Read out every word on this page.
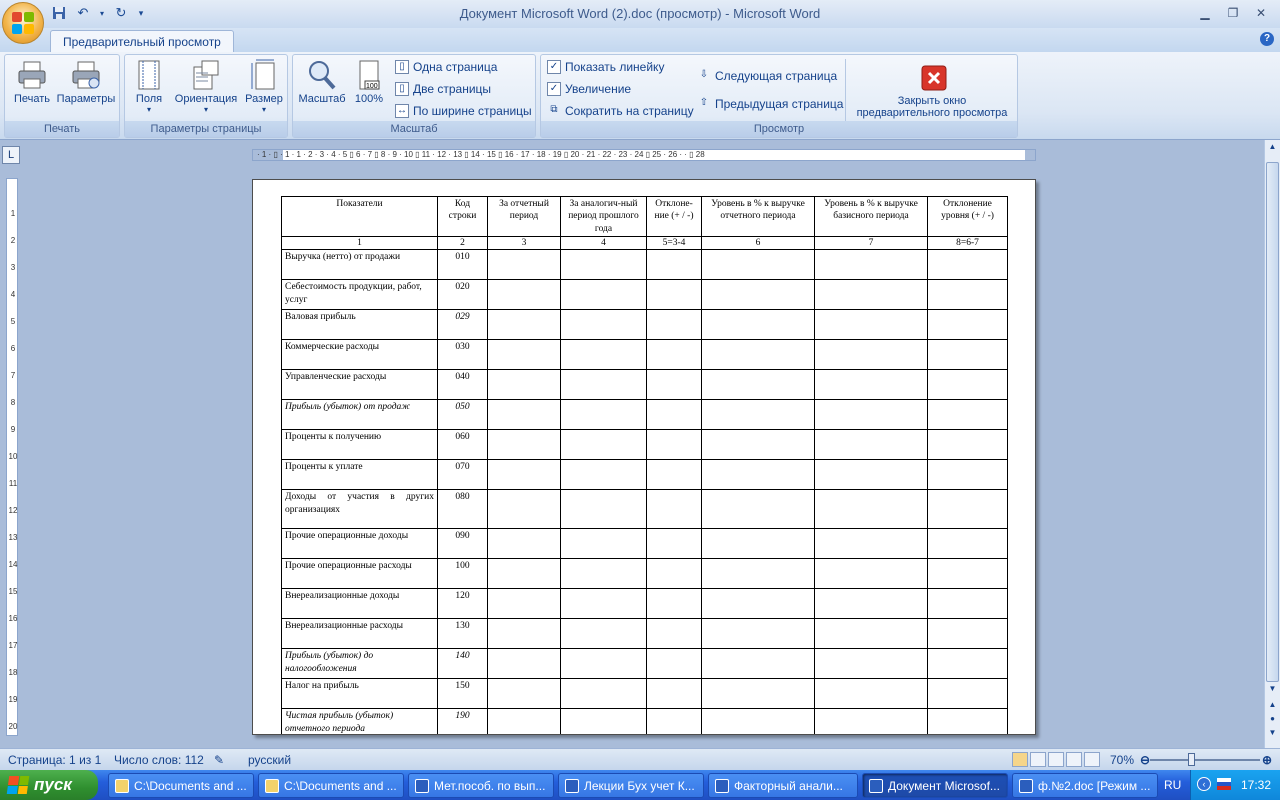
↶	▾ ↻	▾	Документ Microsoft Word (2).doc (просмотр) - Microsoft Word	▁	❐	✕
Предварительный просмотр	?
Печать Параметры
Печать
Поля
▾
Ориентация
▾
Размер
▾
Параметры страницы
Масштаб
100
100%
▯ Одна страница
▯ Две страницы
↔ По ширине страницы
Масштаб
✓ Показать линейку
✓ Увеличение
⧉ Сократить на страницу
⇩ Следующая страница
⇧ Предыдущая страница	Закрыть окно
предварительного просмотра
Просмотр
L	· 1 · ▯ · 1 · 1 · 2 · 3 · 4 · 5 ▯ 6 · 7 ▯ 8 · 9 · 10 ▯ 11 · 12 · 13 ▯ 14 · 15 ▯ 16 · 17 · 18 · 19 ▯ 20 · 21 · 22 · 23 · 24 ▯ 25 · 26 · · ▯ 28
1
2
3
4
5
6
7
8
9
10
11
12
13
14
15
16
17
18
19
20
▲
▼
▲
●
▼
Показатели	Код строки	За отчетный период	За аналогич-ный период прошлого года	Отклоне-ние (+ / -)	Уровень в % к выручке отчетного периода	Уровень в % к выручке базисного периода	Отклонение уровня (+ / -)
1	2	3	4	5=3-4	6	7	8=6-7
Выручка (нетто) от продажи	010						
Себестоимость продукции, работ, услуг	020						
Валовая прибыль	029						
Коммерческие расходы	030						
Управленческие расходы	040						
Прибыль (убыток) от продаж	050						
Проценты к получению	060						
Проценты к уплате	070						
Доходы от участия в других организациях	080						
Прочие операционные доходы	090						
Прочие операционные расходы	100						
Внереализационные доходы	120						
Внереализационные расходы	130						
Прибыль (убыток) до налогообложения	140						
Налог на прибыль	150						
Чистая прибыль (убыток) отчетного периода	190						
Страница: 1 из 1 Число слов: 112 ✎ русский	70% ⊖	⊕
пуск	C:\Documents and ...	C:\Documents and ...	Мет.пособ. по вып...	Лекции Бух учет К...	Факторный анали...	Документ Microsof...	ф.№2.doc [Режим ... RU	‹	17:32
